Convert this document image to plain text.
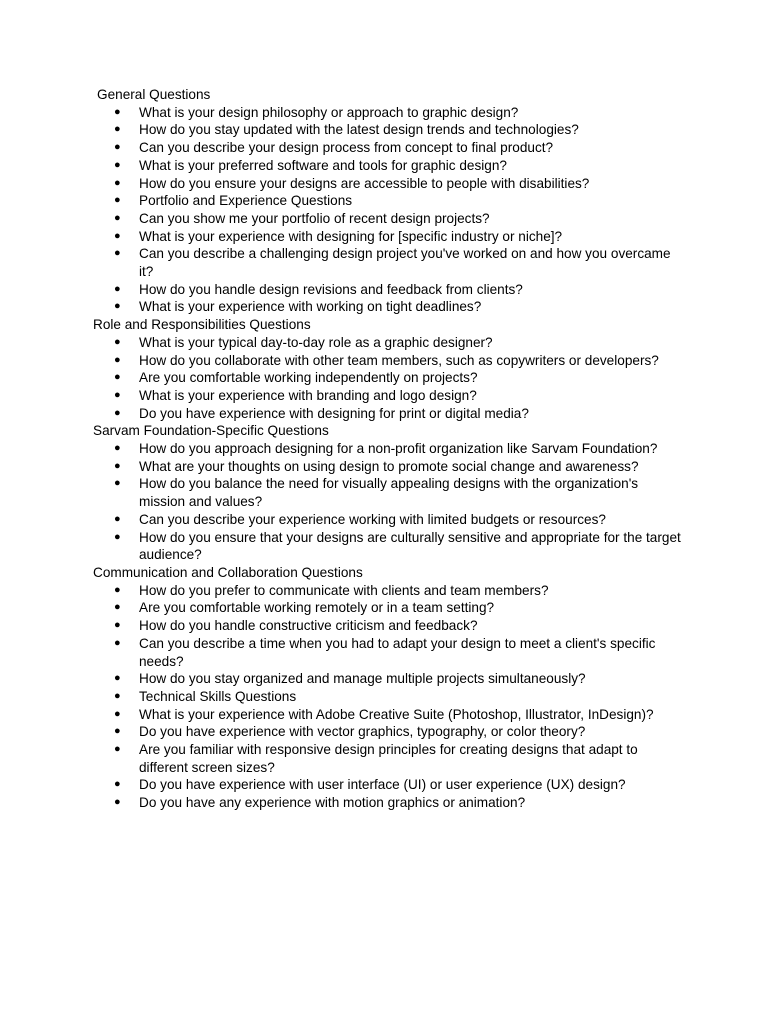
General Questions
● What is your design philosophy or approach to graphic design?
● How do you stay updated with the latest design trends and technologies?
● Can you describe your design process from concept to final product?
● What is your preferred software and tools for graphic design?
● How do you ensure your designs are accessible to people with disabilities?
● Portfolio and Experience Questions
● Can you show me your portfolio of recent design projects?
● What is your experience with designing for [specific industry or niche]?
● Can you describe a challenging design project you've worked on and how you overcame it?
● How do you handle design revisions and feedback from clients?
● What is your experience with working on tight deadlines?
Role and Responsibilities Questions
● What is your typical day-to-day role as a graphic designer?
● How do you collaborate with other team members, such as copywriters or developers?
● Are you comfortable working independently on projects?
● What is your experience with branding and logo design?
● Do you have experience with designing for print or digital media?
Sarvam Foundation-Specific Questions
● How do you approach designing for a non-profit organization like Sarvam Foundation?
● What are your thoughts on using design to promote social change and awareness?
● How do you balance the need for visually appealing designs with the organization's mission and values?
● Can you describe your experience working with limited budgets or resources?
● How do you ensure that your designs are culturally sensitive and appropriate for the target audience?
Communication and Collaboration Questions
● How do you prefer to communicate with clients and team members?
● Are you comfortable working remotely or in a team setting?
● How do you handle constructive criticism and feedback?
● Can you describe a time when you had to adapt your design to meet a client's specific needs?
● How do you stay organized and manage multiple projects simultaneously?
● Technical Skills Questions
● What is your experience with Adobe Creative Suite (Photoshop, Illustrator, InDesign)?
● Do you have experience with vector graphics, typography, or color theory?
● Are you familiar with responsive design principles for creating designs that adapt to different screen sizes?
● Do you have experience with user interface (UI) or user experience (UX) design?
● Do you have any experience with motion graphics or animation?
